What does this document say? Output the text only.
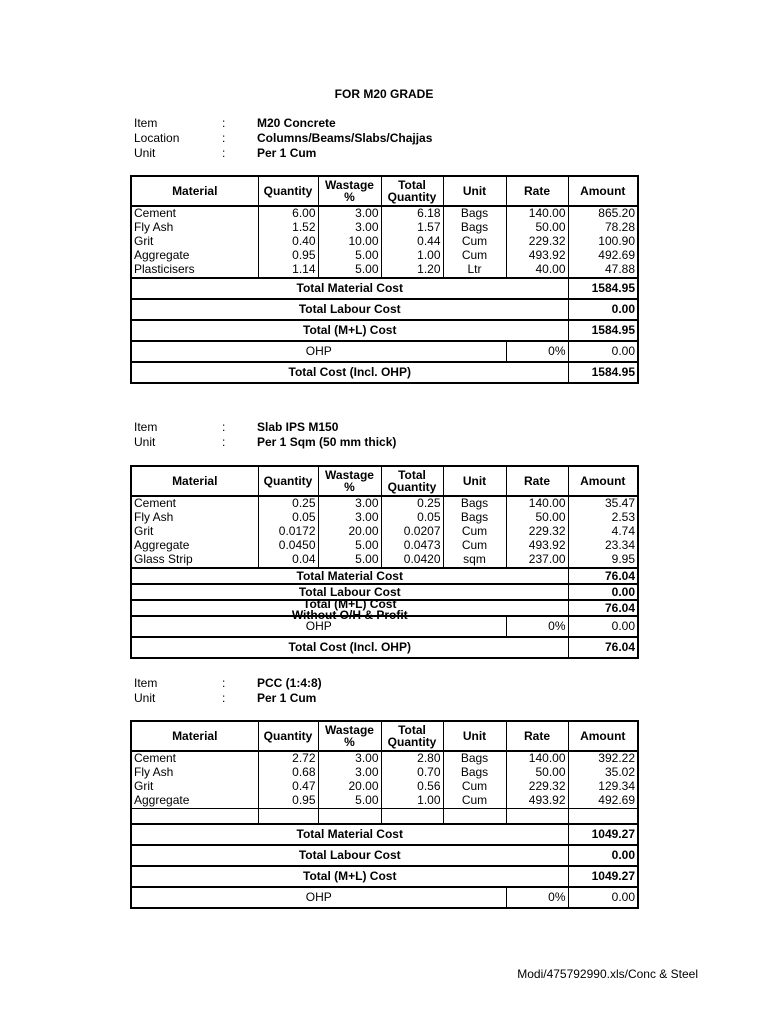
FOR M20 GRADE
Item	:	M20 Concrete
Location	:	Columns/Beams/Slabs/Chajjas
Unit	:	Per 1 Cum
Material	Quantity	Wastage %	Total Quantity	Unit	Rate	Amount
Cement	6.00	3.00	6.18	Bags	140.00	865.20
Fly Ash	1.52	3.00	1.57	Bags	50.00	78.28
Grit	0.40	10.00	0.44	Cum	229.32	100.90
Aggregate	0.95	5.00	1.00	Cum	493.92	492.69
Plasticisers	1.14	5.00	1.20	Ltr	40.00	47.88
Total Material Cost						1584.95
Total Labour Cost						0.00
Total (M+L) Cost						1584.95
OHP					0%	0.00
Total Cost (Incl. OHP)						1584.95
Item	:	Slab IPS M150
Unit	:	Per 1 Sqm (50 mm thick)
Material	Quantity	Wastage %	Total Quantity	Unit	Rate	Amount
Cement	0.25	3.00	0.25	Bags	140.00	35.47
Fly Ash	0.05	3.00	0.05	Bags	50.00	2.53
Grit	0.0172	20.00	0.0207	Cum	229.32	4.74
Aggregate	0.0450	5.00	0.0473	Cum	493.92	23.34
Glass Strip	0.04	5.00	0.0420	sqm	237.00	9.95
Total Material Cost						76.04
Total Labour Cost						0.00

Total (M+L) Cost Without O/H & Profit						76.04
OHP					0%	0.00
Total Cost (Incl. OHP)						76.04
Item	:	PCC (1:4:8)
Unit	:	Per 1 Cum
Material	Quantity	Wastage %	Total Quantity	Unit	Rate	Amount
Cement	2.72	3.00	2.80	Bags	140.00	392.22
Fly Ash	0.68	3.00	0.70	Bags	50.00	35.02
Grit	0.47	20.00	0.56	Cum	229.32	129.34
Aggregate	0.95	5.00	1.00	Cum	493.92	492.69

Total Material Cost						1049.27
Total Labour Cost						0.00
Total (M+L) Cost						1049.27
OHP					0%	0.00
Modi/475792990.xls/Conc & Steel
